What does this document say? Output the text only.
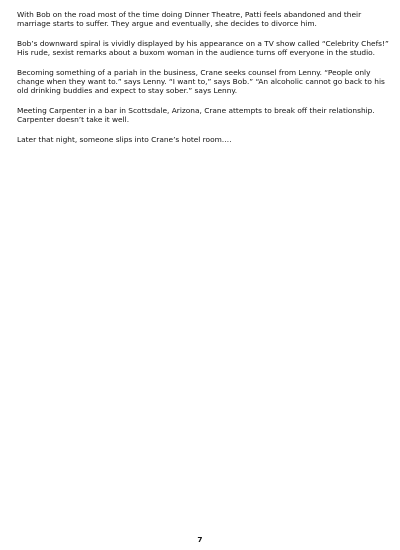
With Bob on the road most of the time doing Dinner Theatre, Patti feels abandoned and their marriage starts to suffer. They argue and eventually, she decides to divorce him.

Bob’s downward spiral is vividly displayed by his appearance on a TV show called “Celebrity Chefs!” His rude, sexist remarks about a buxom woman in the audience turns off everyone in the studio.

Becoming something of a pariah in the business, Crane seeks counsel from Lenny. “People only change when they want to.” says Lenny. “I want to,” says Bob.” “An alcoholic cannot go back to his old drinking buddies and expect to stay sober.” says Lenny.

Meeting Carpenter in a bar in Scottsdale, Arizona, Crane attempts to break off their relationship. Carpenter doesn’t take it well.

Later that night, someone slips into Crane’s hotel room….

7
